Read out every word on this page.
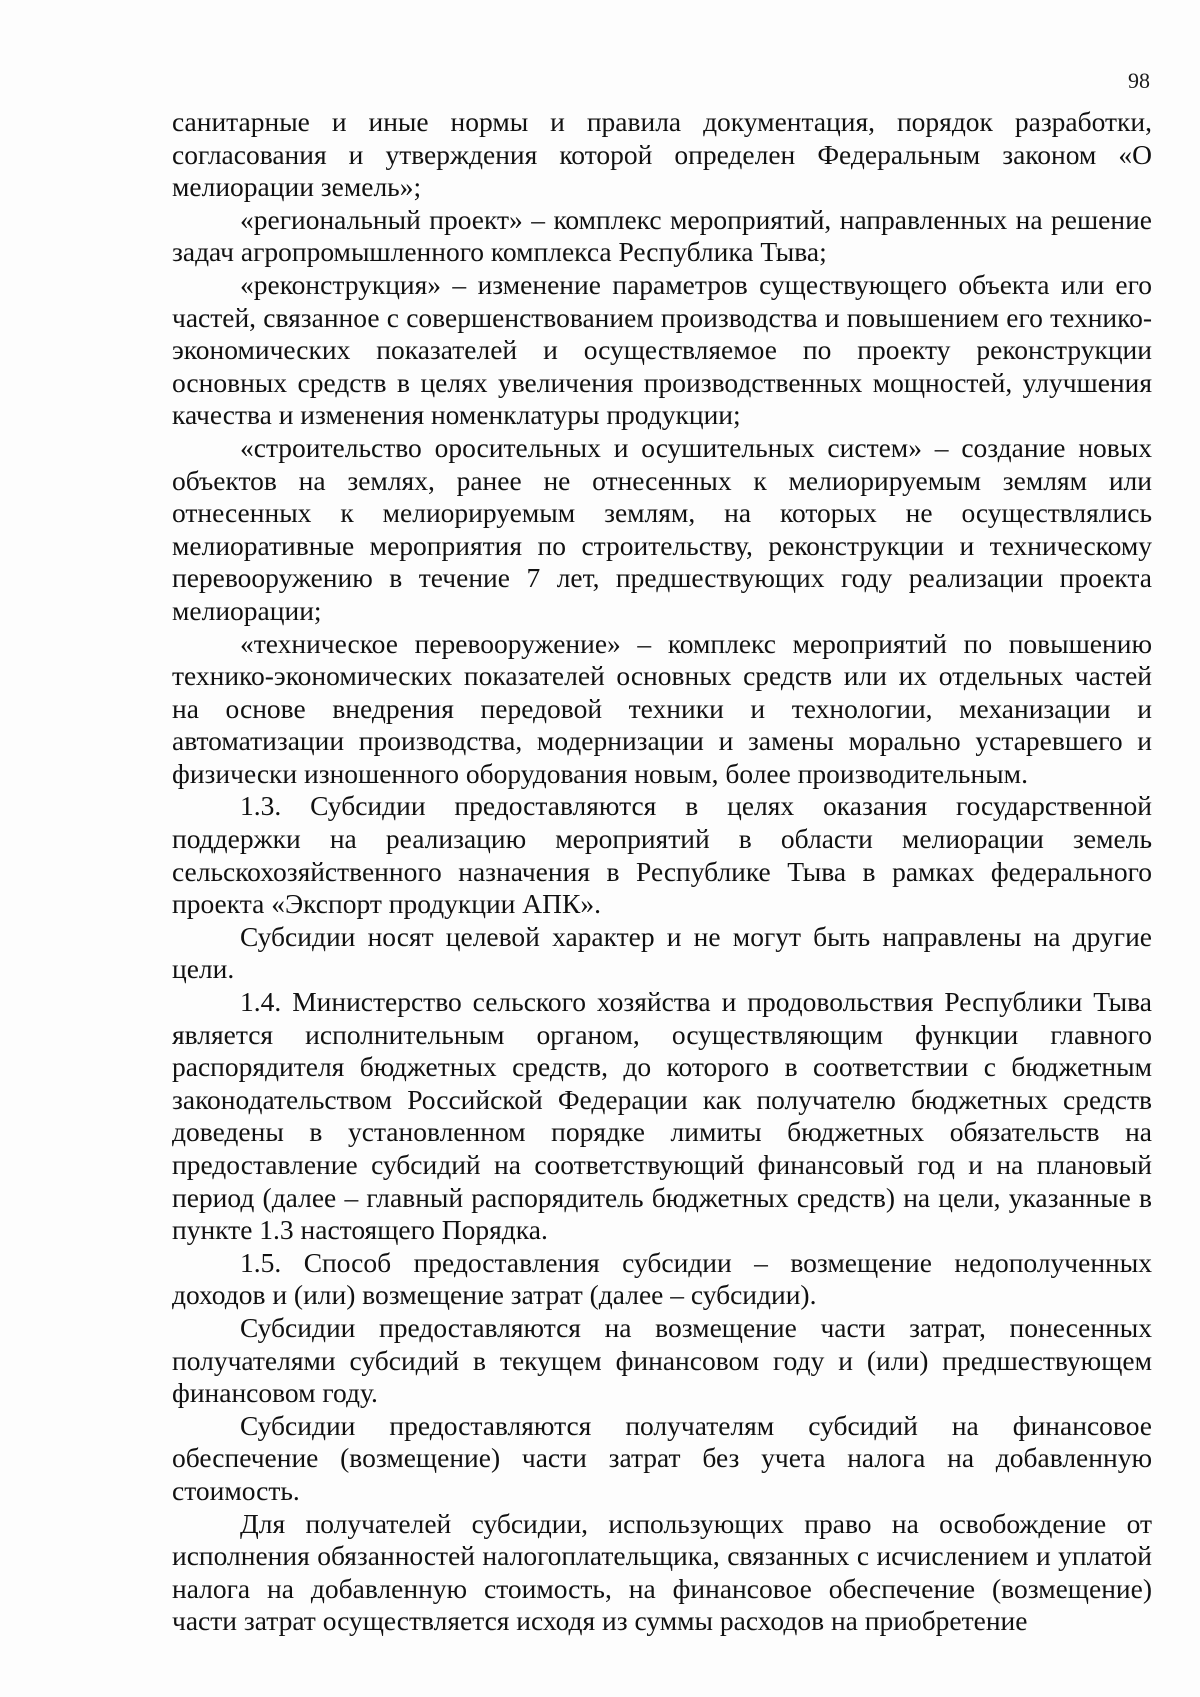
98

санитарные и иные нормы и правила документация, порядок разработки, согласования и утверждения которой определен Федеральным законом «О мелиорации земель»;

«региональный проект» – комплекс мероприятий, направленных на решение задач агропромышленного комплекса Республика Тыва;

«реконструкция» – изменение параметров существующего объекта или его частей, связанное с совершенствованием производства и повышением его технико-экономических показателей и осуществляемое по проекту реконструкции основных средств в целях увеличения производственных мощностей, улучшения качества и изменения номенклатуры продукции;

«строительство оросительных и осушительных систем» – создание новых объектов на землях, ранее не отнесенных к мелиорируемым землям или отнесенных к мелиорируемым землям, на которых не осуществлялись мелиоративные мероприятия по строительству, реконструкции и техническому перевооружению в течение 7 лет, предшествующих году реализации проекта мелиорации;

«техническое перевооружение» – комплекс мероприятий по повышению технико-экономических показателей основных средств или их отдельных частей на основе внедрения передовой техники и технологии, механизации и автоматизации производства, модернизации и замены морально устаревшего и физически изношенного оборудования новым, более производительным.

1.3. Субсидии предоставляются в целях оказания государственной поддержки на реализацию мероприятий в области мелиорации земель сельскохозяйственного назначения в Республике Тыва в рамках федерального проекта «Экспорт продукции АПК».

Субсидии носят целевой характер и не могут быть направлены на другие цели.

1.4. Министерство сельского хозяйства и продовольствия Республики Тыва является исполнительным органом, осуществляющим функции главного распорядителя бюджетных средств, до которого в соответствии с бюджетным законодательством Российской Федерации как получателю бюджетных средств доведены в установленном порядке лимиты бюджетных обязательств на предоставление субсидий на соответствующий финансовый год и на плановый период (далее – главный распорядитель бюджетных средств) на цели, указанные в пункте 1.3 настоящего Порядка.

1.5. Способ предоставления субсидии – возмещение недополученных доходов и (или) возмещение затрат (далее – субсидии).

Субсидии предоставляются на возмещение части затрат, понесенных получателями субсидий в текущем финансовом году и (или) предшествующем финансовом году.

Субсидии предоставляются получателям субсидий на финансовое обеспечение (возмещение) части затрат без учета налога на добавленную стоимость.

Для получателей субсидии, использующих право на освобождение от исполнения обязанностей налогоплательщика, связанных с исчислением и уплатой налога на добавленную стоимость, на финансовое обеспечение (возмещение) части затрат осуществляется исходя из суммы расходов на приобретение
